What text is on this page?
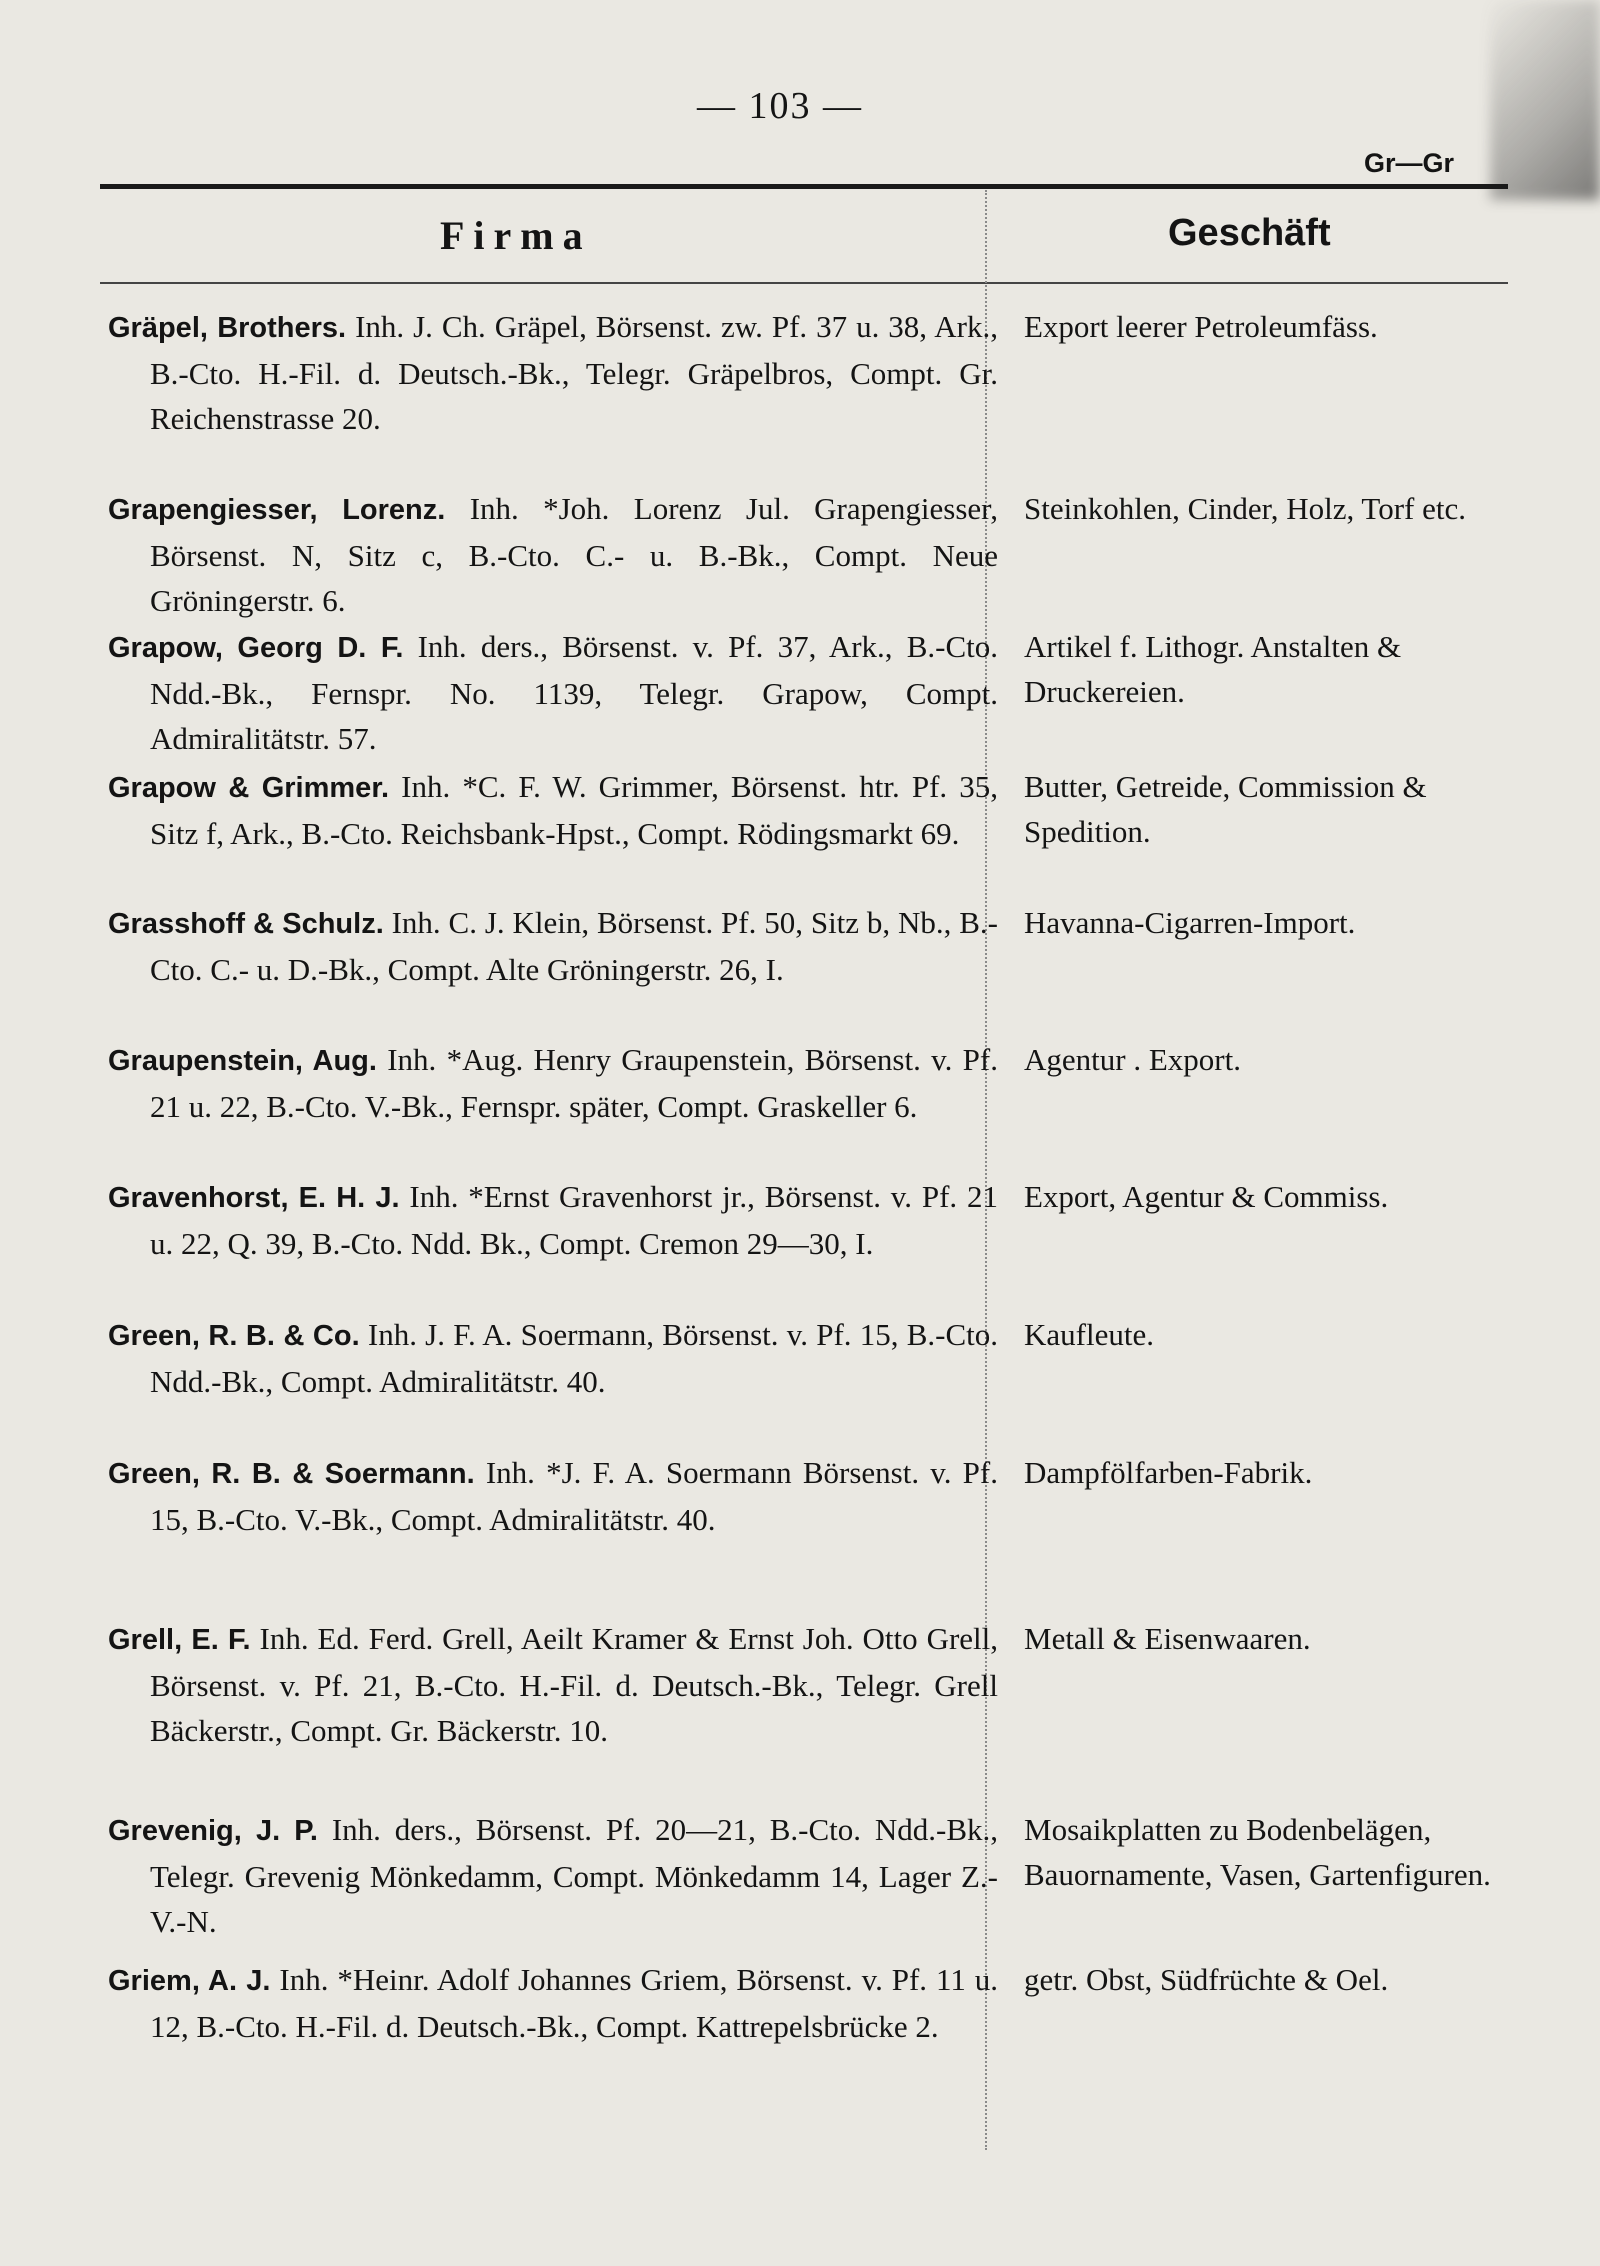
— 103 —
Gr—Gr
Firma	Geschäft
Gräpel, Brothers. Inh. J. Ch. Gräpel, Börsenst. zw. Pf. 37 u. 38, Ark., B.-Cto. H.-Fil. d. Deutsch.-Bk., Telegr. Gräpelbros, Compt. Gr. Reichenstrasse 20.
Export leerer Petroleumfäss.
Grapengiesser, Lorenz. Inh. *Joh. Lorenz Jul. Grapengiesser, Börsenst. N, Sitz c, B.-Cto. C.- u. B.-Bk., Compt. Neue Gröningerstr. 6.
Steinkohlen, Cinder, Holz, Torf etc.
Grapow, Georg D. F. Inh. ders., Börsenst. v. Pf. 37, Ark., B.-Cto. Ndd.-Bk., Fernspr. No. 1139, Telegr. Grapow, Compt. Admiralitätstr. 57.
Artikel f. Lithogr. Anstalten & Druckereien.
Grapow & Grimmer. Inh. *C. F. W. Grimmer, Börsenst. htr. Pf. 35, Sitz f, Ark., B.-Cto. Reichsbank-Hpst., Compt. Rödingsmarkt 69.
Butter, Getreide, Commission & Spedition.
Grasshoff & Schulz. Inh. C. J. Klein, Börsenst. Pf. 50, Sitz b, Nb., B.-Cto. C.- u. D.-Bk., Compt. Alte Gröningerstr. 26, I.
Havanna-Cigarren-Import.
Graupenstein, Aug. Inh. *Aug. Henry Graupenstein, Börsenst. v. Pf. 21 u. 22, B.-Cto. V.-Bk., Fernspr. später, Compt. Graskeller 6.
Agentur . Export.
Gravenhorst, E. H. J. Inh. *Ernst Gravenhorst jr., Börsenst. v. Pf. 21 u. 22, Q. 39, B.-Cto. Ndd. Bk., Compt. Cremon 29—30, I.
Export, Agentur & Commiss.
Green, R. B. & Co. Inh. J. F. A. Soermann, Börsenst. v. Pf. 15, B.-Cto. Ndd.-Bk., Compt. Admiralitätstr. 40.
Kaufleute.
Green, R. B. & Soermann. Inh. *J. F. A. Soermann Börsenst. v. Pf. 15, B.-Cto. V.-Bk., Compt. Admiralitätstr. 40.
Dampfölfarben-Fabrik.
Grell, E. F. Inh. Ed. Ferd. Grell, Aeilt Kramer & Ernst Joh. Otto Grell, Börsenst. v. Pf. 21, B.-Cto. H.-Fil. d. Deutsch.-Bk., Telegr. Grell Bäckerstr., Compt. Gr. Bäckerstr. 10.
Metall & Eisenwaaren.
Grevenig, J. P. Inh. ders., Börsenst. Pf. 20—21, B.-Cto. Ndd.-Bk., Telegr. Grevenig Mönkedamm, Compt. Mönkedamm 14, Lager Z.-V.-N.
Mosaikplatten zu Bodenbelägen, Bauornamente, Vasen, Gartenfiguren.
Griem, A. J. Inh. *Heinr. Adolf Johannes Griem, Börsenst. v. Pf. 11 u. 12, B.-Cto. H.-Fil. d. Deutsch.-Bk., Compt. Kattrepelsbrücke 2.
getr. Obst, Südfrüchte & Oel.
